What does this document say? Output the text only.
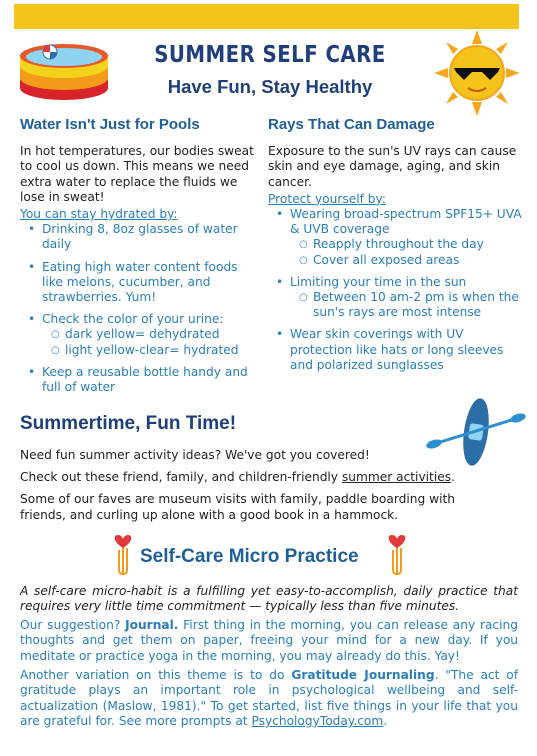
SUMMER SELF CARE
Have Fun, Stay Healthy
Water Isn't Just for Pools
In hot temperatures, our bodies sweat to cool us down. This means we need extra water to replace the fluids we lose in sweat!
You can stay hydrated by:
• Drinking 8, 8oz glasses of water daily
• Eating high water content foods like melons, cucumber, and strawberries. Yum!
• Check the color of your urine:
○ dark yellow= dehydrated
○ light yellow-clear= hydrated
• Keep a reusable bottle handy and full of water
Rays That Can Damage
Exposure to the sun's UV rays can cause skin and eye damage, aging, and skin cancer.
Protect yourself by:
• Wearing broad-spectrum SPF15+ UVA & UVB coverage
○ Reapply throughout the day
○ Cover all exposed areas
• Limiting your time in the sun
○ Between 10 am-2 pm is when the sun's rays are most intense
• Wear skin coverings with UV protection like hats or long sleeves and polarized sunglasses
Summertime, Fun Time!

Need fun summer activity ideas? We've got you covered!

Check out these friend, family, and children-friendly summer activities.

Some of our faves are museum visits with family, paddle boarding with friends, and curling up alone with a good book in a hammock.

Self-Care Micro Practice
A self-care micro-habit is a fulfilling yet easy-to-accomplish, daily practice that requires very little time commitment — typically less than five minutes.
Our suggestion? Journal. First thing in the morning, you can release any racing thoughts and get them on paper, freeing your mind for a new day. If you meditate or practice yoga in the morning, you may already do this. Yay!
Another variation on this theme is to do Gratitude Journaling. "The act of gratitude plays an important role in psychological wellbeing and self-actualization (Maslow, 1981)." To get started, list five things in your life that you are grateful for. See more prompts at PsychologyToday.com.
